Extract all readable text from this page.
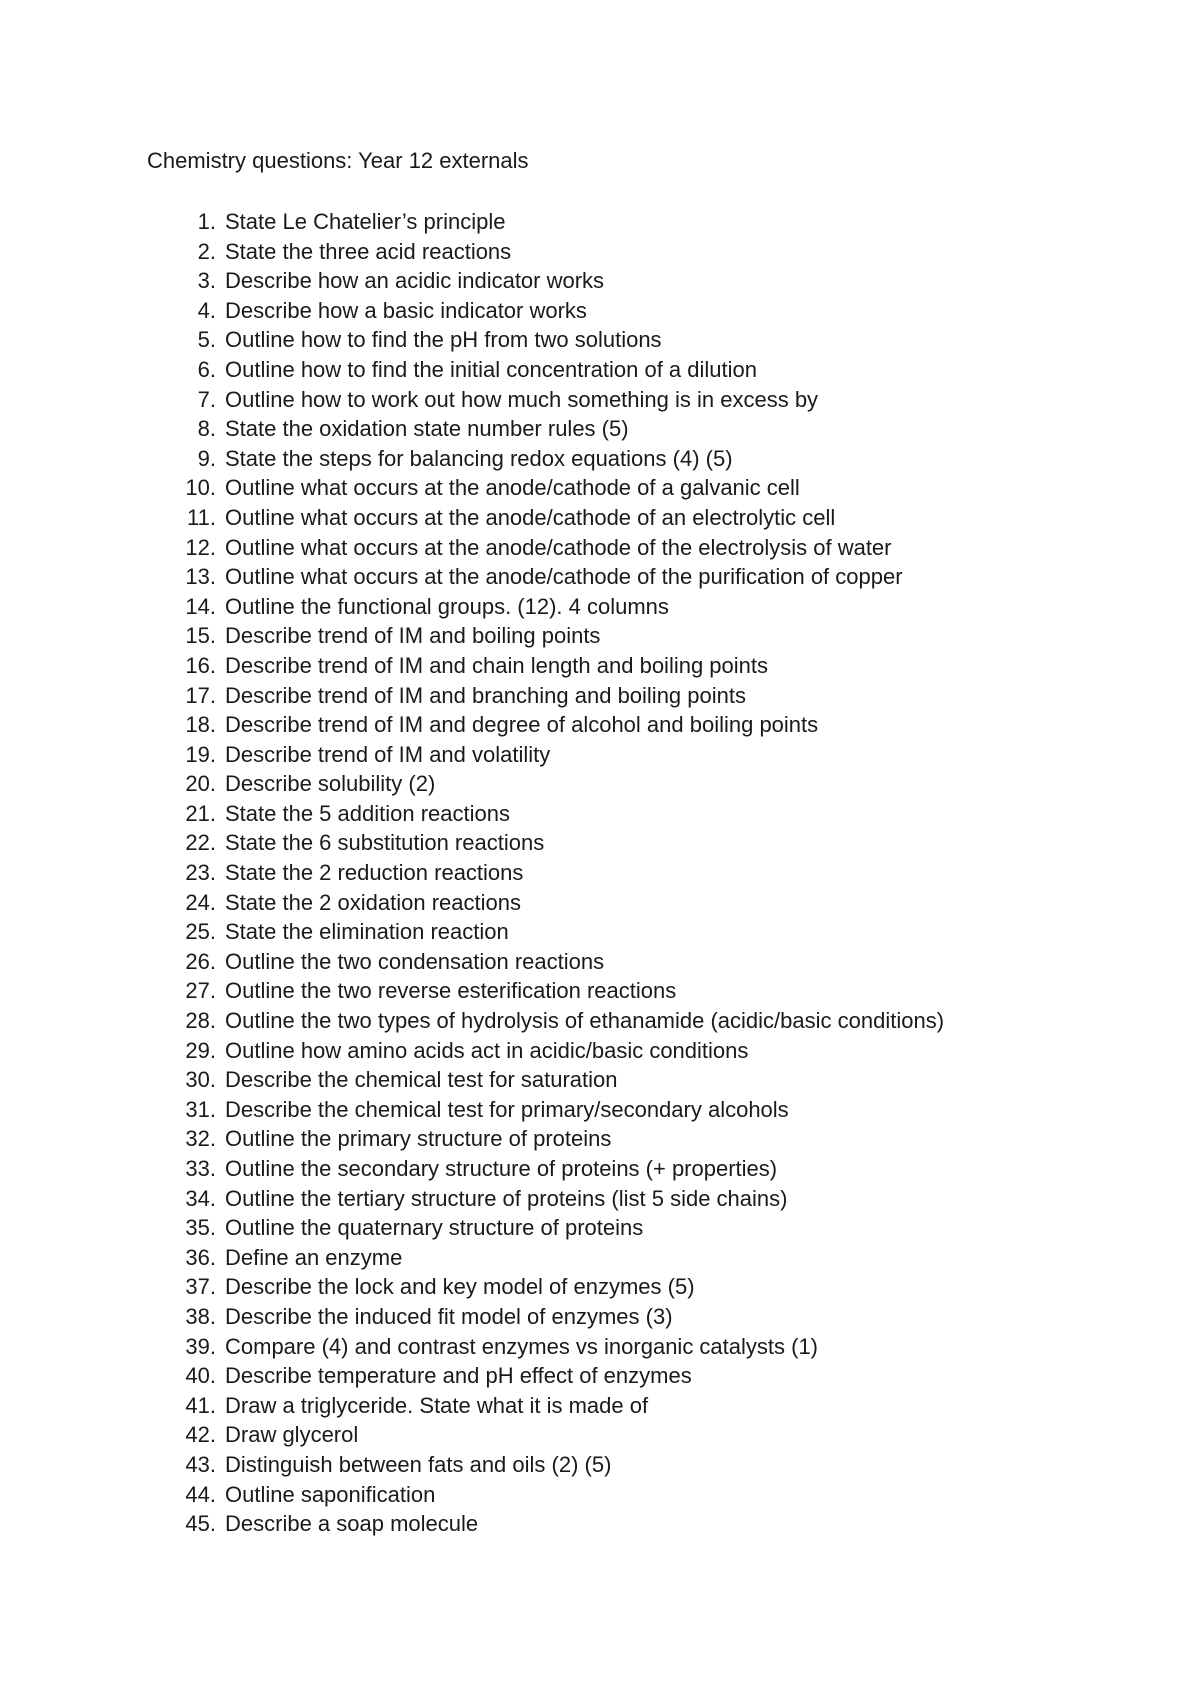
Chemistry questions: Year 12 externals
1. State Le Chatelier’s principle
2. State the three acid reactions
3. Describe how an acidic indicator works
4. Describe how a basic indicator works
5. Outline how to find the pH from two solutions
6. Outline how to find the initial concentration of a dilution
7. Outline how to work out how much something is in excess by
8. State the oxidation state number rules (5)
9. State the steps for balancing redox equations (4) (5)
10. Outline what occurs at the anode/cathode of a galvanic cell
11. Outline what occurs at the anode/cathode of an electrolytic cell
12. Outline what occurs at the anode/cathode of the electrolysis of water
13. Outline what occurs at the anode/cathode of the purification of copper
14. Outline the functional groups. (12). 4 columns
15. Describe trend of IM and boiling points
16. Describe trend of IM and chain length and boiling points
17. Describe trend of IM and branching and boiling points
18. Describe trend of IM and degree of alcohol and boiling points
19. Describe trend of IM and volatility
20. Describe solubility (2)
21. State the 5 addition reactions
22. State the 6 substitution reactions
23. State the 2 reduction reactions
24. State the 2 oxidation reactions
25. State the elimination reaction
26. Outline the two condensation reactions
27. Outline the two reverse esterification reactions
28. Outline the two types of hydrolysis of ethanamide (acidic/basic conditions)
29. Outline how amino acids act in acidic/basic conditions
30. Describe the chemical test for saturation
31. Describe the chemical test for primary/secondary alcohols
32. Outline the primary structure of proteins
33. Outline the secondary structure of proteins (+ properties)
34. Outline the tertiary structure of proteins (list 5 side chains)
35. Outline the quaternary structure of proteins
36. Define an enzyme
37. Describe the lock and key model of enzymes (5)
38. Describe the induced fit model of enzymes (3)
39. Compare (4) and contrast enzymes vs inorganic catalysts (1)
40. Describe temperature and pH effect of enzymes
41. Draw a triglyceride. State what it is made of
42. Draw glycerol
43. Distinguish between fats and oils (2) (5)
44. Outline saponification
45. Describe a soap molecule
